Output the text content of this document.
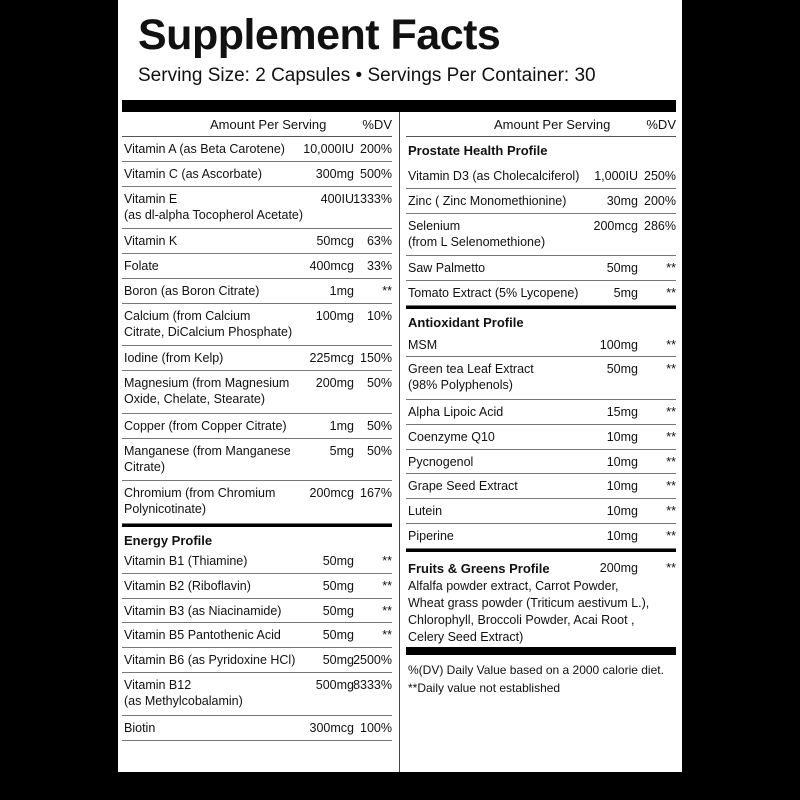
Supplement Facts
Serving Size: 2 Capsules • Servings Per Container: 30
Amount Per Serving	%DV
Vitamin A (as Beta Carotene) 10,000IU 200%
Vitamin C (as Ascorbate)	300mg 500%
Vitamin E	400IU 1333%
(as dl-alpha Tocopherol Acetate)
Vitamin K	50mcg 63%
Folate	400mcg 33%
Boron (as Boron Citrate)	1mg **
Calcium (from Calcium	100mg 10%
Citrate, DiCalcium Phosphate)
Iodine (from Kelp)	225mcg 150%
Magnesium (from Magnesium 200mg 50%
Oxide, Chelate, Stearate)
Copper (from Copper Citrate)	1mg 50%
Manganese (from Manganese	5mg 50%
Citrate)
Chromium (from Chromium	200mcg 167%
Polynicotinate)
Energy Profile
Vitamin B1 (Thiamine)	50mg **
Vitamin B2 (Riboflavin)	50mg **
Vitamin B3 (as Niacinamide)	50mg **
Vitamin B5 Pantothenic Acid	50mg **
Vitamin B6 (as Pyridoxine HCl) 50mg 2500%
Vitamin B12	500mg 8333%
(as Methylcobalamin)
Biotin	300mcg 100%
Amount Per Serving	%DV
Prostate Health Profile
Vitamin D3 (as Cholecalciferol) 1,000IU 250%
Zinc ( Zinc Monomethionine)	30mg 200%
Selenium	200mcg 286%
(from L Selenomethione)
Saw Palmetto	50mg **
Tomato Extract (5% Lycopene)	5mg **
Antioxidant Profile
MSM	100mg **
Green tea Leaf Extract	50mg **
(98% Polyphenols)
Alpha Lipoic Acid	15mg **
Coenzyme Q10	10mg **
Pycnogenol	10mg **
Grape Seed Extract	10mg **
Lutein	10mg **
Piperine	10mg **
Fruits & Greens Profile	200mg **
Alfalfa powder extract, Carrot Powder,
Wheat grass powder (Triticum aestivum L.),
Chlorophyll, Broccoli Powder, Acai Root ,
Celery Seed Extract)
%(DV) Daily Value based on a 2000 calorie diet.
**Daily value not established
